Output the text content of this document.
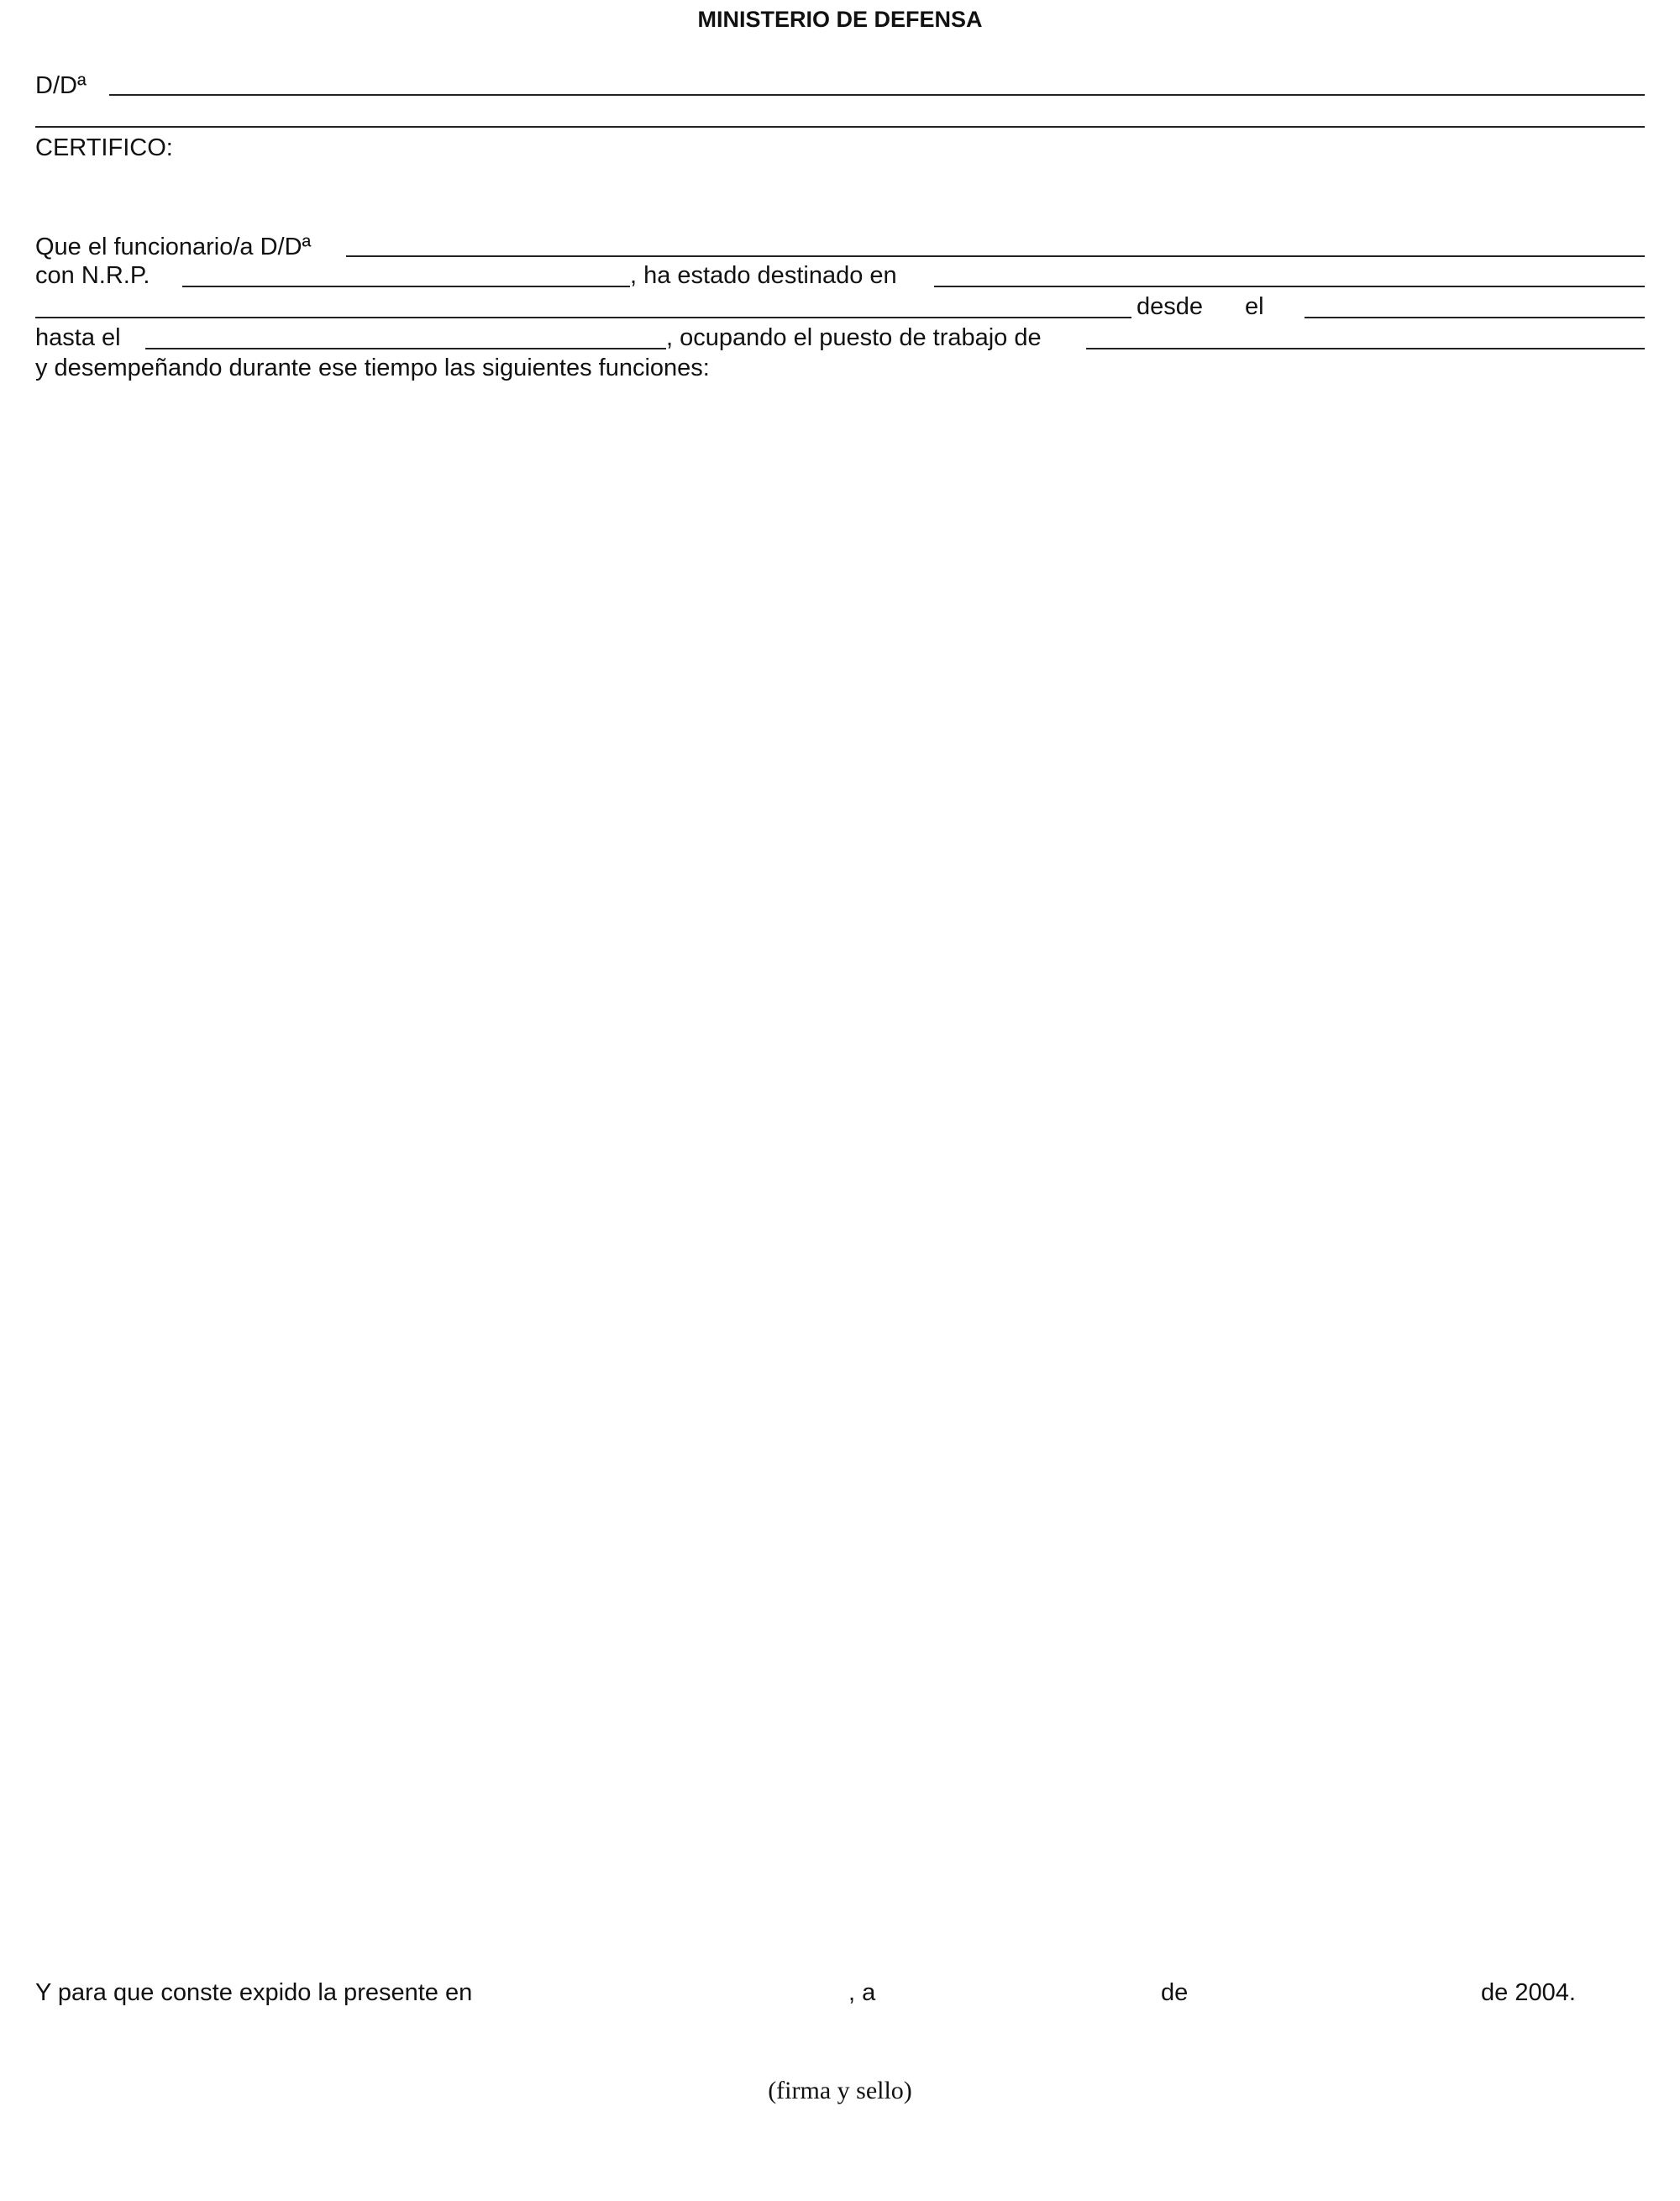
MINISTERIO DE DEFENSA
D/Dª
CERTIFICO:
Que el funcionario/a D/Dª
con N.R.P.	, ha estado destinado en
desde el
hasta el	, ocupando el puesto de trabajo de
y desempeñando durante ese tiempo las siguientes funciones:
Y para que conste expido la presente en	, a	de	de 2004.
(firma y sello)
